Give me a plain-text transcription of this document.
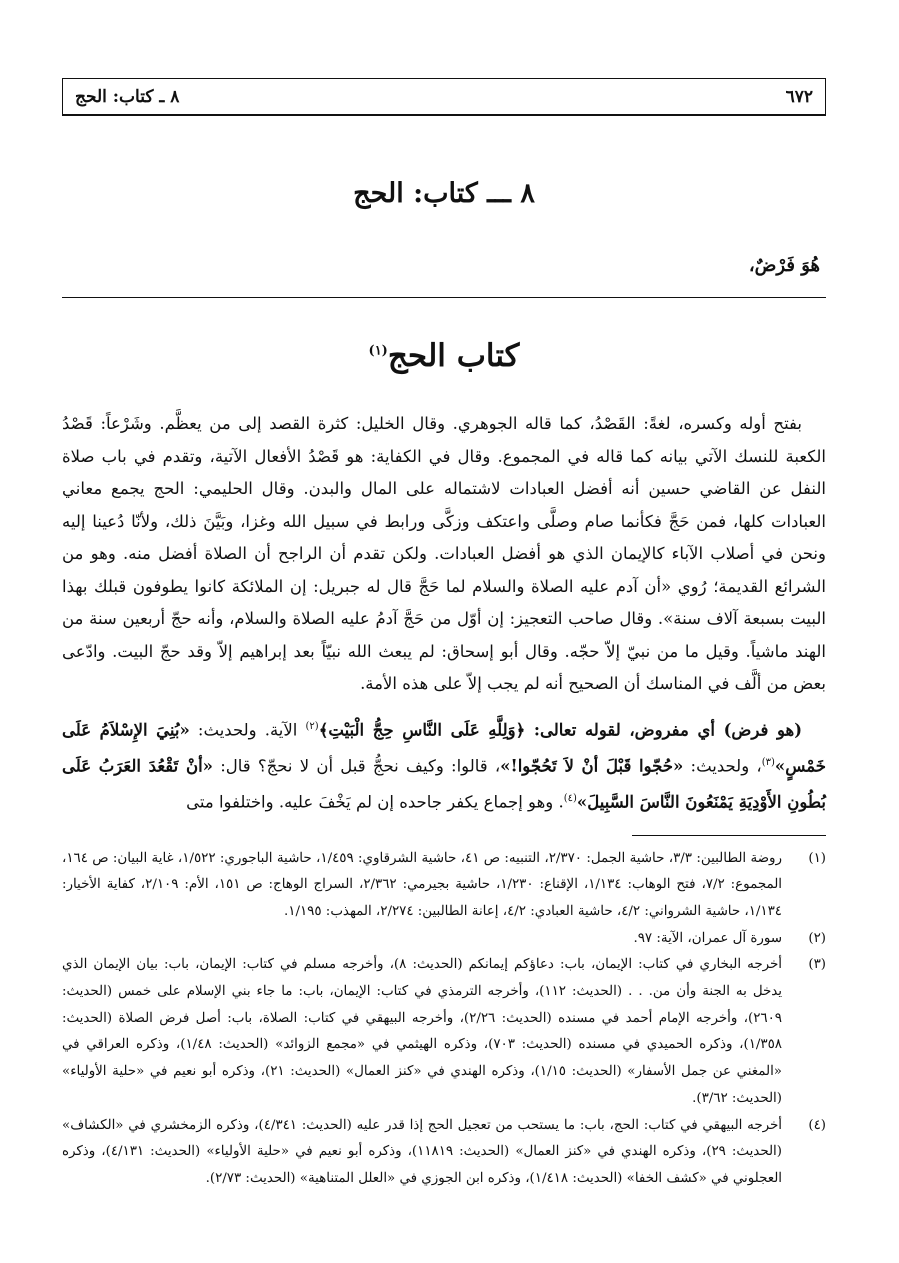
٦٧٢
٨ ـ كتاب: الحج
٨ ـــ كتاب: الحج
هُوَ فَرْضٌ،
كتاب الحج$^{(١)}$

بفتح أوله وكسره، لغةً: القَصْدُ، كما قاله الجوهري. وقال الخليل: كثرة القصد إلى من يعظَّم. وشَرْعاً: قَصْدُ الكعبة للنسك الآتي بيانه كما قاله في المجموع. وقال في الكفاية: هو قَصْدُ الأفعال الآتية، وتقدم في باب صلاة النفل عن القاضي حسين أنه أفضل العبادات لاشتماله على المال والبدن. وقال الحليمي: الحج يجمع معاني العبادات كلها، فمن حَجَّ فكأنما صام وصلَّى واعتكف وزكَّى ورابط في سبيل الله وغزا، وبَيَّنَ ذلك، ولأنّا دُعينا إليه ونحن في أصلاب الآباء كالإيمان الذي هو أفضل العبادات. ولكن تقدم أن الراجح أن الصلاة أفضل منه. وهو من الشرائع القديمة؛ رُوي «أن آدم عليه الصلاة والسلام لما حَجَّ قال له جبريل: إن الملائكة كانوا يطوفون قبلك بهذا البيت بسبعة آلاف سنة». وقال صاحب التعجيز: إن أوّل من حَجَّ آدمُ عليه الصلاة والسلام، وأنه حجّ أربعين سنة من الهند ماشياً. وقيل ما من نبيّ إلاّ حجّه. وقال أبو إسحاق: لم يبعث الله نبيّاً بعد إبراهيم إلاّ وقد حجّ البيت. وادّعى بعض من ألَّف في المناسك أن الصحيح أنه لم يجب إلاّ على هذه الأمة.

(هو فرض) أي مفروض، لقوله تعالى: ﴿وَلِلَّهِ عَلَى النَّاسِ حِجُّ الْبَيْتِ﴾$^{(٢)}$ الآية. ولحديث: «بُنِيَ الإِسْلاَمُ عَلَى خَمْسٍ»$^{(٣)}$، ولحديث: «حُجّوا قَبْلَ أنْ لاَ تَحُجّوا!»، قالوا: وكيف نحجُّ قبل أن لا نحجّ؟ قال: «أنْ تَقْعُدَ العَرَبُ عَلَى بُطُونِ الأَوْدِيَةِ يَمْنَعُونَ النَّاسَ السَّبِيلَ»$^{(٤)}$. وهو إجماع يكفر جاحده إن لم يَخْفَ عليه. واختلفوا متى

(١)
روضة الطالبين: ٣/٣، حاشية الجمل: ٢/٣٧٠، التنبيه: ص ٤١، حاشية الشرقاوي: ١/٤٥٩، حاشية الباجوري: ١/٥٢٢، غاية البيان: ص ١٦٤، المجموع: ٧/٢، فتح الوهاب: ١/١٣٤، الإقناع: ١/٢٣٠، حاشية بجيرمي: ٢/٣٦٢، السراج الوهاج: ص ١٥١، الأم: ٢/١٠٩، كفاية الأخيار: ١/١٣٤، حاشية الشرواني: ٤/٢، حاشية العبادي: ٤/٢، إعانة الطالبين: ٢/٢٧٤، المهذب: ١/١٩٥.
(٢)
سورة آل عمران، الآية: ٩٧.
(٣)
أخرجه البخاري في كتاب: الإيمان، باب: دعاؤكم إيمانكم (الحديث: ٨)، وأخرجه مسلم في كتاب: الإيمان، باب: بيان الإيمان الذي يدخل به الجنة وأن من. . . (الحديث: ١١٢)، وأخرجه الترمذي في كتاب: الإيمان، باب: ما جاء بني الإسلام على خمس (الحديث: ٢٦٠٩)، وأخرجه الإمام أحمد في مسنده (الحديث: ٢/٢٦)، وأخرجه البيهقي في كتاب: الصلاة، باب: أصل فرض الصلاة (الحديث: ١/٣٥٨)، وذكره الحميدي في مسنده (الحديث: ٧٠٣)، وذكره الهيثمي في «مجمع الزوائد» (الحديث: ١/٤٨)، وذكره العراقي في «المغني عن جمل الأسفار» (الحديث: ١/١٥)، وذكره الهندي في «كنز العمال» (الحديث: ٢١)، وذكره أبو نعيم في «حلية الأولياء» (الحديث: ٣/٦٢).
(٤)
أخرجه البيهقي في كتاب: الحج، باب: ما يستحب من تعجيل الحج إذا قدر عليه (الحديث: ٤/٣٤١)، وذكره الزمخشري في «الكشاف» (الحديث: ٢٩)، وذكره الهندي في «كنز العمال» (الحديث: ١١٨١٩)، وذكره أبو نعيم في «حلية الأولياء» (الحديث: ٤/١٣١)، وذكره العجلوني في «كشف الخفا» (الحديث: ١/٤١٨)، وذكره ابن الجوزي في «العلل المتناهية» (الحديث: ٢/٧٣).
